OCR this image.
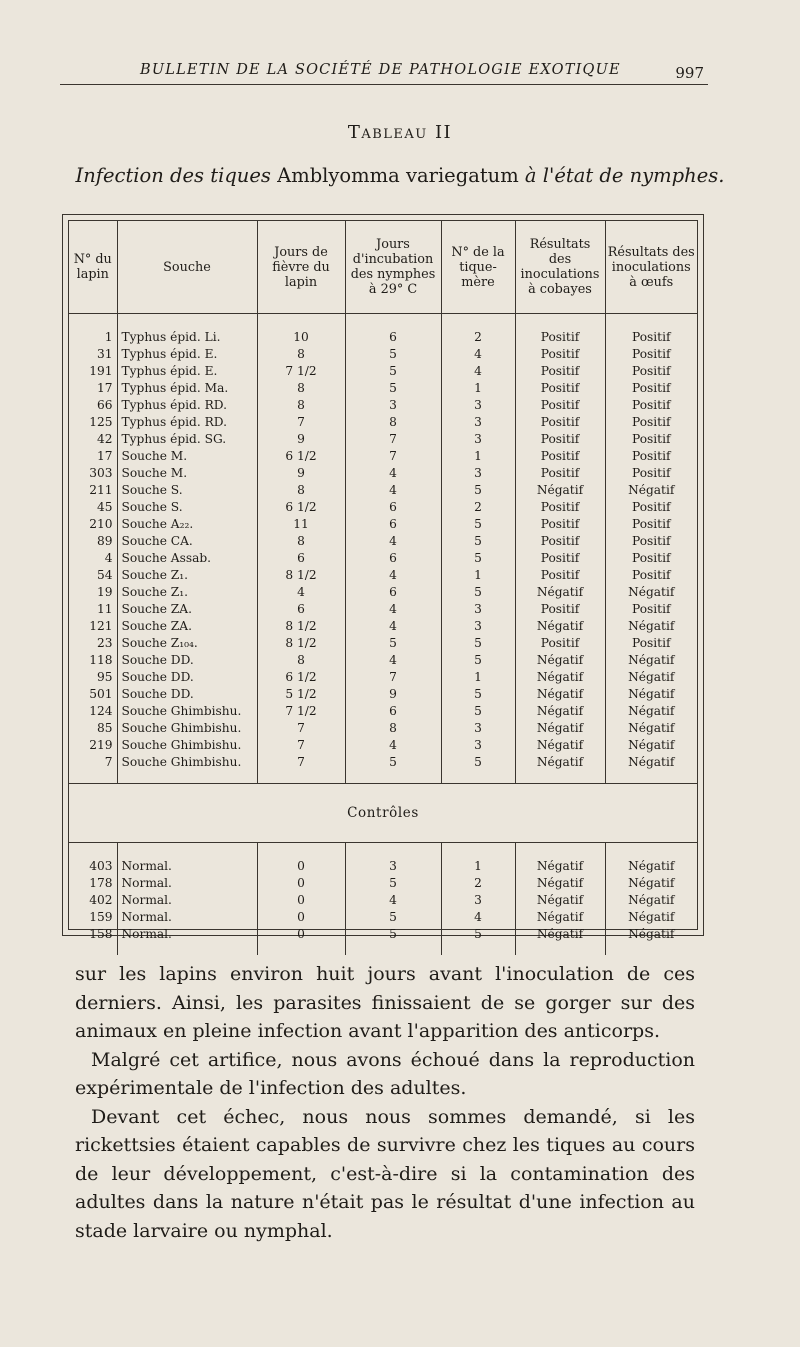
BULLETIN DE LA SOCIÉTÉ DE PATHOLOGIE EXOTIQUE	997
Tableau II
Infection des tiques Amblyomma variegatum à l'état de nymphes.
N° du lapin	Souche	Jours de fièvre du lapin	Jours d'incubation des nymphes à 29° C	N° de la tique-mère	Résultats des inoculations à cobayes	Résultats des inoculations à œufs

1	Typhus épid. Li.	10	6	2	Positif	Positif
31	Typhus épid. E.	8	5	4	Positif	Positif
191	Typhus épid. E.	7 1/2	5	4	Positif	Positif
17	Typhus épid. Ma.	8	5	1	Positif	Positif
66	Typhus épid. RD.	8	3	3	Positif	Positif
125	Typhus épid. RD.	7	8	3	Positif	Positif
42	Typhus épid. SG.	9	7	3	Positif	Positif
17	Souche M.	6 1/2	7	1	Positif	Positif
303	Souche M.	9	4	3	Positif	Positif
211	Souche S.	8	4	5	Négatif	Négatif
45	Souche S.	6 1/2	6	2	Positif	Positif
210	Souche A₂₂.	11	6	5	Positif	Positif
89	Souche CA.	8	4	5	Positif	Positif
4	Souche Assab.	6	6	5	Positif	Positif
54	Souche Z₁.	8 1/2	4	1	Positif	Positif
19	Souche Z₁.	4	6	5	Négatif	Négatif
11	Souche ZA.	6	4	3	Positif	Positif
121	Souche ZA.	8 1/2	4	3	Négatif	Négatif
23	Souche Z₁₀₄.	8 1/2	5	5	Positif	Positif
118	Souche DD.	8	4	5	Négatif	Négatif
95	Souche DD.	6 1/2	7	1	Négatif	Négatif
501	Souche DD.	5 1/2	9	5	Négatif	Négatif
124	Souche Ghimbishu.	7 1/2	6	5	Négatif	Négatif
85	Souche Ghimbishu.	7	8	3	Négatif	Négatif
219	Souche Ghimbishu.	7	4	3	Négatif	Négatif
7	Souche Ghimbishu.	7	5	5	Négatif	Négatif

Contrôles						

403	Normal.	0	3	1	Négatif	Négatif
178	Normal.	0	5	2	Négatif	Négatif
402	Normal.	0	4	3	Négatif	Négatif
159	Normal.	0	5	4	Négatif	Négatif
158	Normal.	0	5	5	Négatif	Négatif

sur les lapins environ huit jours avant l'inoculation de ces derniers. Ainsi, les parasites finissaient de se gorger sur des animaux en pleine infection avant l'apparition des anticorps.

Malgré cet artifice, nous avons échoué dans la reproduction expérimentale de l'infection des adultes.

Devant cet échec, nous nous sommes demandé, si les rickettsies étaient capables de survivre chez les tiques au cours de leur développement, c'est-à-dire si la contamination des adultes dans la nature n'était pas le résultat d'une infection au stade larvaire ou nymphal.
